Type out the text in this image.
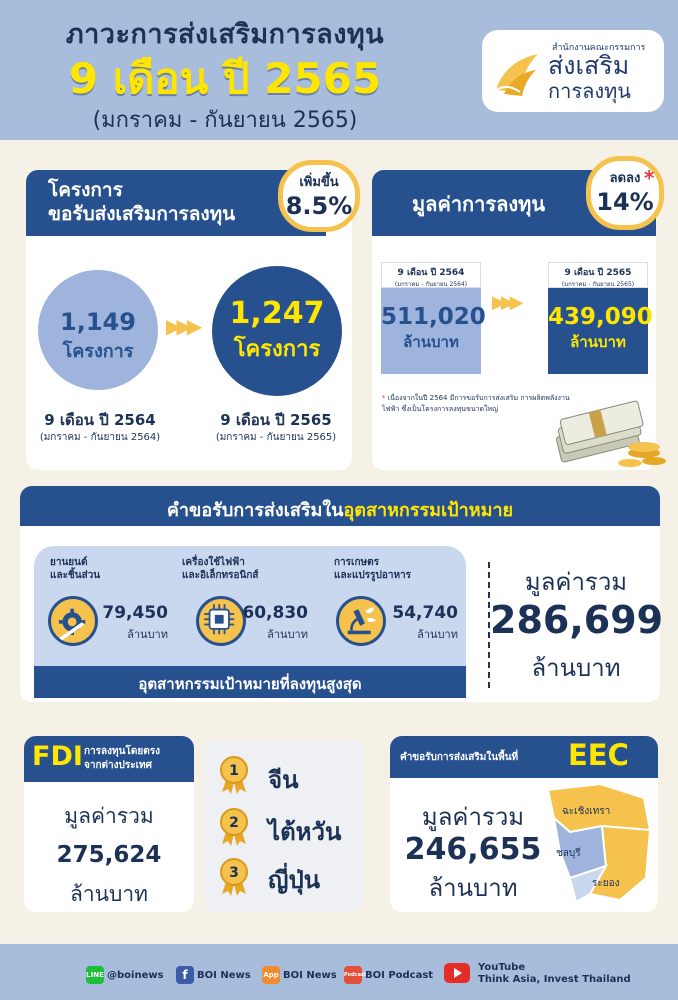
ภาวะการส่งเสริมการลงทุน
9 เดือน ปี 2565
(มกราคม - กันยายน 2565)
สำนักงานคณะกรรมการ
ส่งเสริม
การลงทุน
โครงการ
ขอรับส่งเสริมการลงทุน
เพิ่มขึ้น
8.5%
1,149
โครงการ
▶▶▶	1,247
โครงการ
9 เดือน ปี 2564
(มกราคม - กันยายน 2564)
9 เดือน ปี 2565
(มกราคม - กันยายน 2565)
มูลค่าการลงทุน
ลดลง
14%
*
9 เดือน ปี 2564
(มกราคม - กันยายน 2564)
511,020
ล้านบาท
▶▶▶
9 เดือน ปี 2565
(มกราคม - กันยายน 2565)
439,090
ล้านบาท
* เนื่องจากในปี 2564 มีการขอรับการส่งเสริม การผลิตพลังงานไฟฟ้า ซึ่งเป็นโครงการลงทุนขนาดใหญ่
คำขอรับการส่งเสริมในอุตสาหกรรมเป้าหมาย
ยานยนต์
และชิ้นส่วน
79,450
ล้านบาท
เครื่องใช้ไฟฟ้า
และอิเล็กทรอนิกส์
60,830
ล้านบาท
การเกษตร
และแปรรูปอาหาร
54,740
ล้านบาท
อุตสาหกรรมเป้าหมายที่ลงทุนสูงสุด
มูลค่ารวม
286,699
ล้านบาท
FDI การลงทุนโดยตรง
จากต่างประเทศ
มูลค่ารวม
275,624
ล้านบาท
1 จีน
2 ไต้หวัน
3 ญี่ปุ่น
คำขอรับการส่งเสริมในพื้นที่ EEC
มูลค่ารวม
246,655
ล้านบาท
ฉะเชิงเทรา
ชลบุรี
ระยอง
LINE @boinews	f BOI News App BOI News PodcastBOI Podcast
YouTube
Think Asia, Invest Thailand
